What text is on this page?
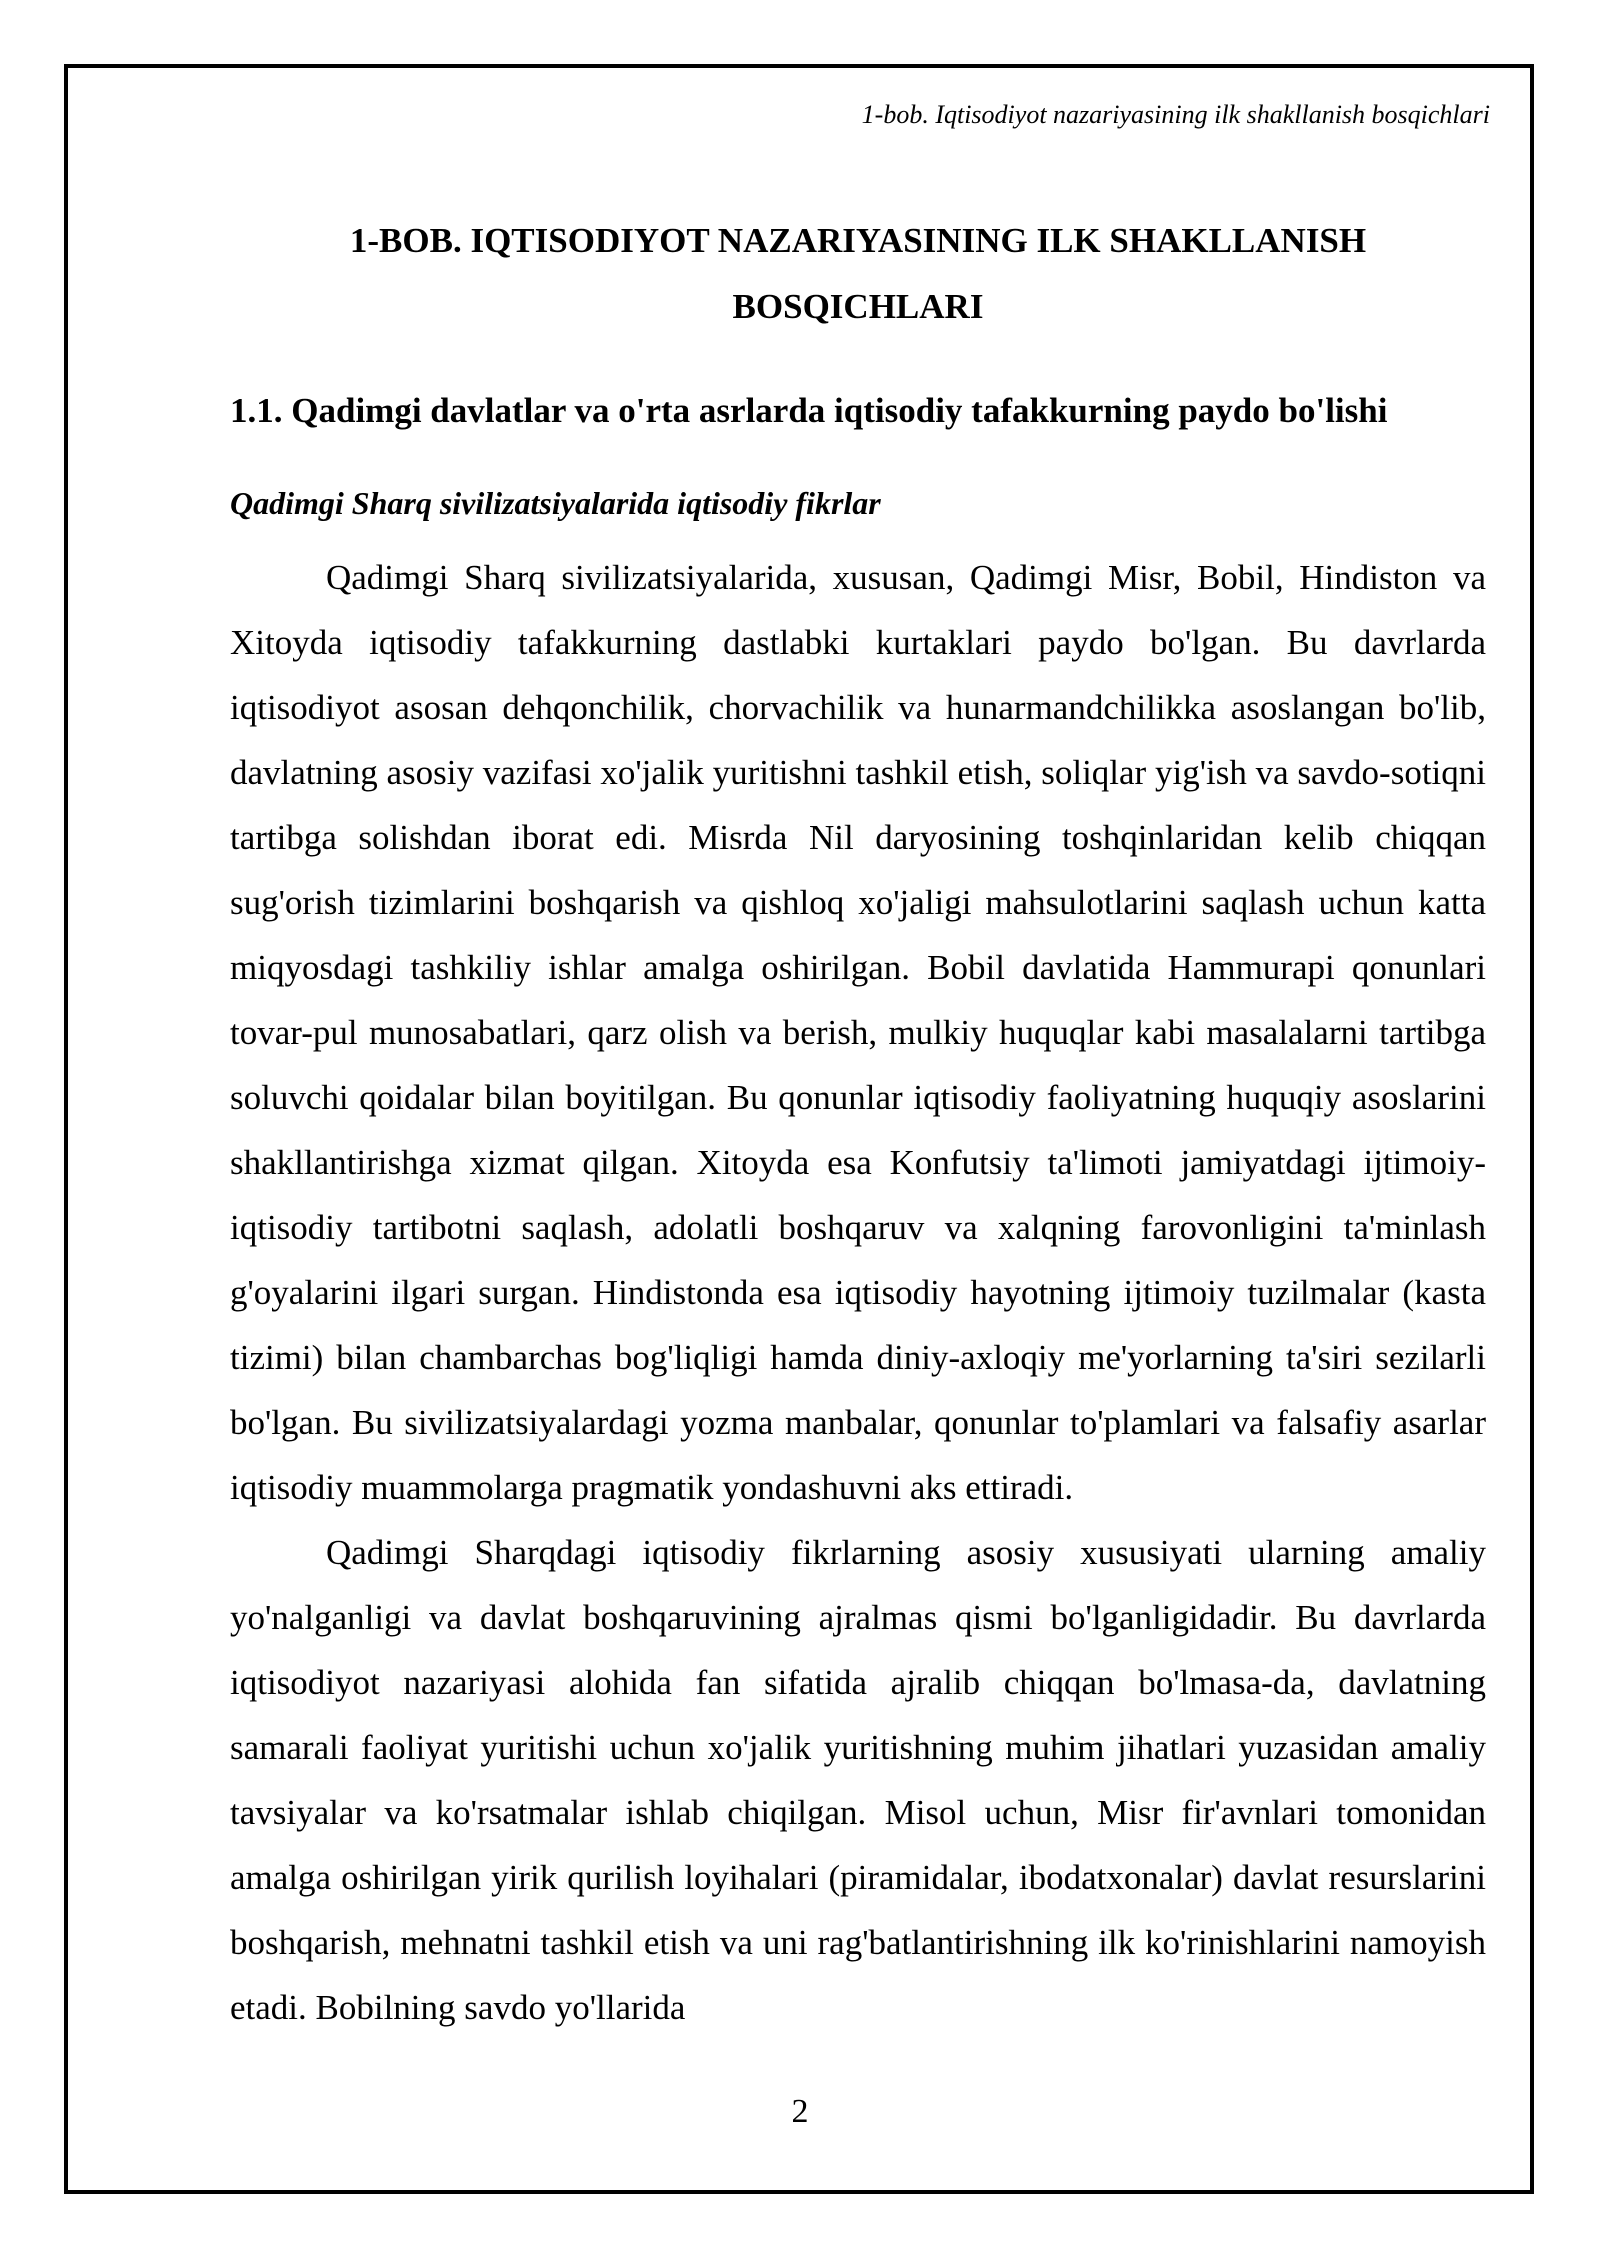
1-bob. Iqtisodiyot nazariyasining ilk shakllanish bosqichlari
1-BOB. IQTISODIYOT NAZARIYASINING ILK SHAKLLANISH
BOSQICHLARI
1.1. Qadimgi davlatlar va o'rta asrlarda iqtisodiy tafakkurning paydo bo'lishi
Qadimgi Sharq sivilizatsiyalarida iqtisodiy fikrlar

Qadimgi Sharq sivilizatsiyalarida, xususan, Qadimgi Misr, Bobil, Hindiston va Xitoyda iqtisodiy tafakkurning dastlabki kurtaklari paydo bo'lgan. Bu davrlarda iqtisodiyot asosan dehqonchilik, chorvachilik va hunarmandchilikka asoslangan bo'lib, davlatning asosiy vazifasi xo'jalik yuritishni tashkil etish, soliqlar yig'ish va savdo-sotiqni tartibga solishdan iborat edi. Misrda Nil daryosining toshqinlaridan kelib chiqqan sug'orish tizimlarini boshqarish va qishloq xo'jaligi mahsulotlarini saqlash uchun katta miqyosdagi tashkiliy ishlar amalga oshirilgan. Bobil davlatida Hammurapi qonunlari tovar-pul munosabatlari, qarz olish va berish, mulkiy huquqlar kabi masalalarni tartibga soluvchi qoidalar bilan boyitilgan. Bu qonunlar iqtisodiy faoliyatning huquqiy asoslarini shakllantirishga xizmat qilgan. Xitoyda esa Konfutsiy ta'limoti jamiyatdagi ijtimoiy-iqtisodiy tartibotni saqlash, adolatli boshqaruv va xalqning farovonligini ta'minlash g'oyalarini ilgari surgan. Hindistonda esa iqtisodiy hayotning ijtimoiy tuzilmalar (kasta tizimi) bilan chambarchas bog'liqligi hamda diniy-axloqiy me'yorlarning ta'siri sezilarli bo'lgan. Bu sivilizatsiyalardagi yozma manbalar, qonunlar to'plamlari va falsafiy asarlar iqtisodiy muammolarga pragmatik yondashuvni aks ettiradi.

Qadimgi Sharqdagi iqtisodiy fikrlarning asosiy xususiyati ularning amaliy yo'nalganligi va davlat boshqaruvining ajralmas qismi bo'lganligidadir. Bu davrlarda iqtisodiyot nazariyasi alohida fan sifatida ajralib chiqqan bo'lmasa-da, davlatning samarali faoliyat yuritishi uchun xo'jalik yuritishning muhim jihatlari yuzasidan amaliy tavsiyalar va ko'rsatmalar ishlab chiqilgan. Misol uchun, Misr fir'avnlari tomonidan amalga oshirilgan yirik qurilish loyihalari (piramidalar, ibodatxonalar) davlat resurslarini boshqarish, mehnatni tashkil etish va uni rag'batlantirishning ilk ko'rinishlarini namoyish etadi. Bobilning savdo yo'llarida

2
